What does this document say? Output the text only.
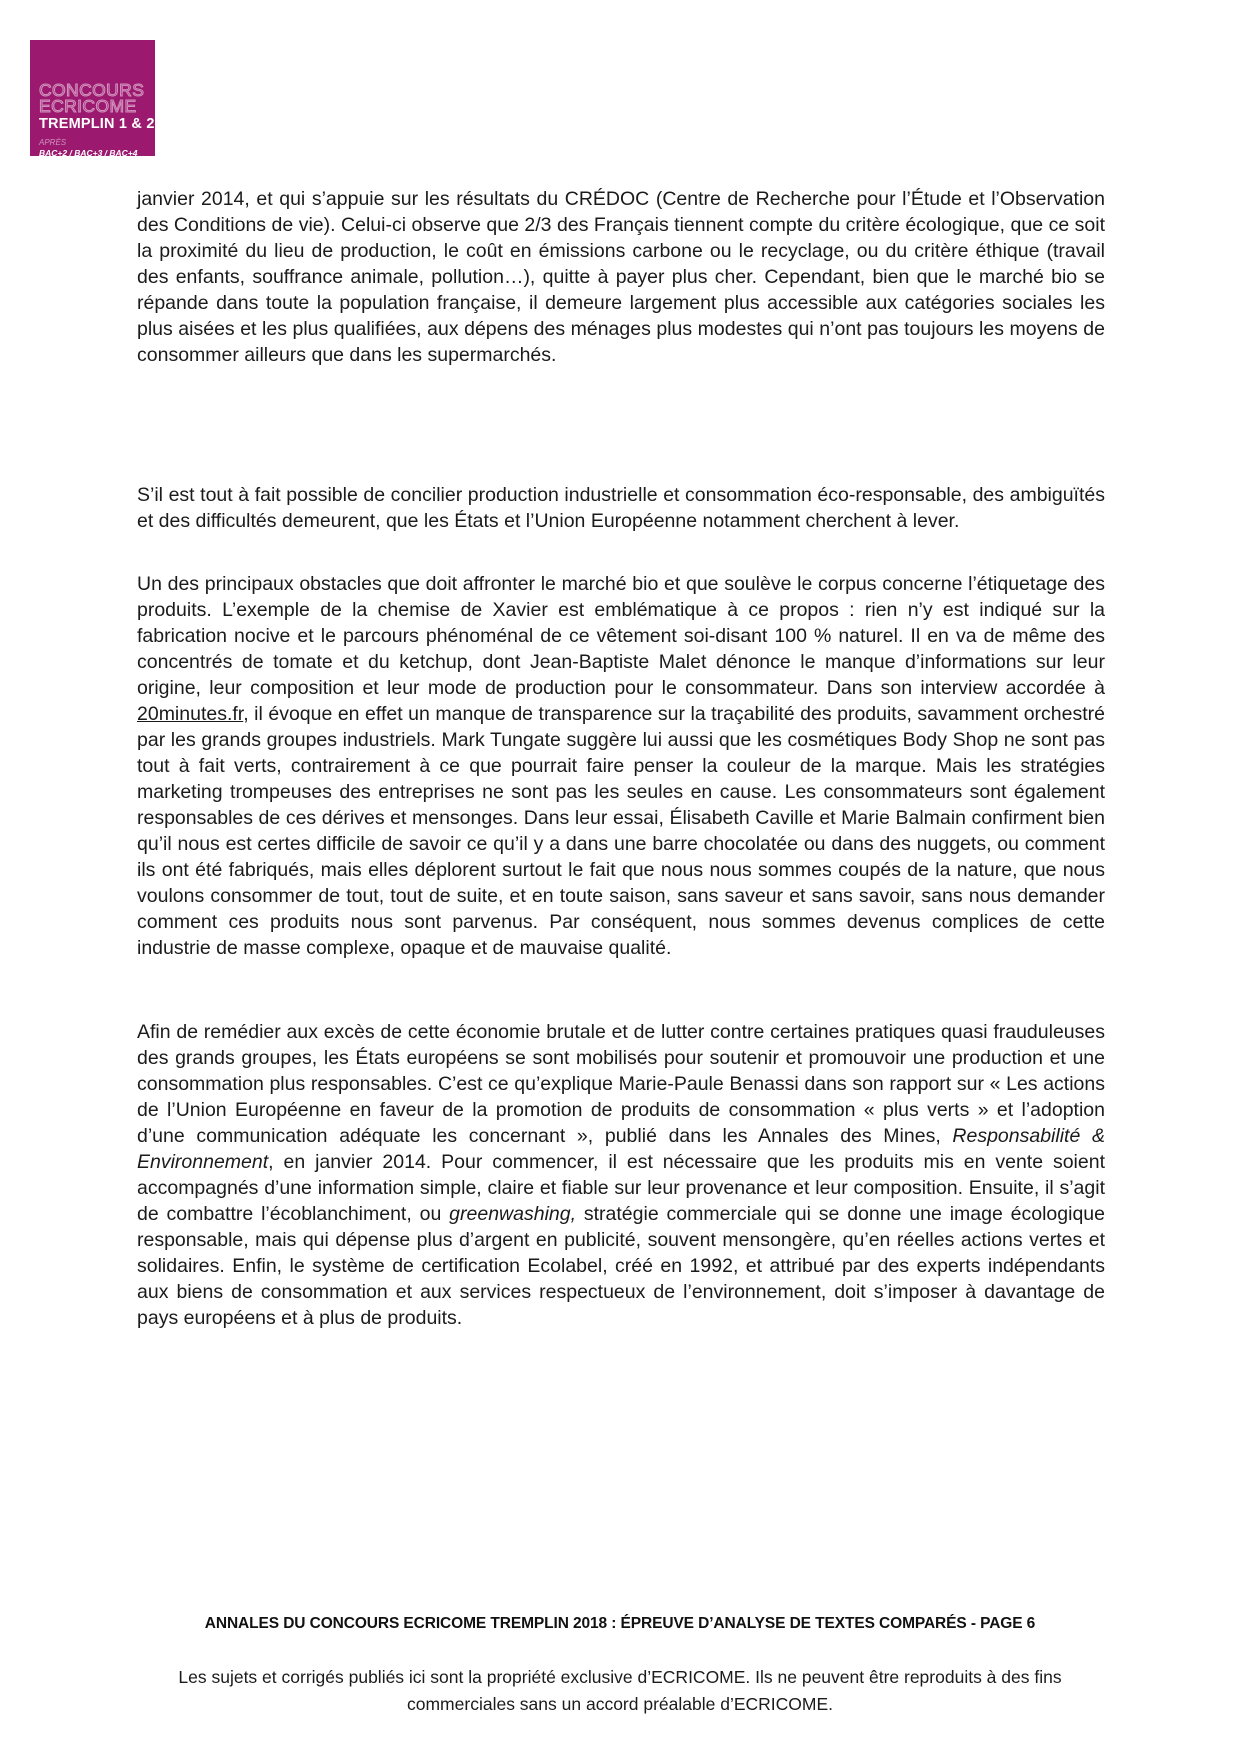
CONCOURS
ECRICOME
TREMPLIN 1 & 2
APRÈS
BAC+2 / BAC+3 / BAC+4

janvier 2014, et qui s’appuie sur les résultats du CRÉDOC (Centre de Recherche pour l’Étude et l’Observation des Conditions de vie). Celui-ci observe que 2/3 des Français tiennent compte du critère écologique, que ce soit la proximité du lieu de production, le coût en émissions carbone ou le recyclage, ou du critère éthique (travail des enfants, souffrance animale, pollution…), quitte à payer plus cher. Cependant, bien que le marché bio se répande dans toute la population française, il demeure largement plus accessible aux catégories sociales les plus aisées et les plus qualifiées, aux dépens des ménages plus modestes qui n’ont pas toujours les moyens de consommer ailleurs que dans les supermarchés.

S’il est tout à fait possible de concilier production industrielle et consommation éco-responsable, des ambiguïtés et des difficultés demeurent, que les États et l’Union Européenne notamment cherchent à lever.

Un des principaux obstacles que doit affronter le marché bio et que soulève le corpus concerne l’étiquetage des produits. L’exemple de la chemise de Xavier est emblématique à ce propos : rien n’y est indiqué sur la fabrication nocive et le parcours phénoménal de ce vêtement soi-disant 100 % naturel. Il en va de même des concentrés de tomate et du ketchup, dont Jean-Baptiste Malet dénonce le manque d’informations sur leur origine, leur composition et leur mode de production pour le consommateur. Dans son interview accordée à 20minutes.fr, il évoque en effet un manque de transparence sur la traçabilité des produits, savamment orchestré par les grands groupes industriels. Mark Tungate suggère lui aussi que les cosmétiques Body Shop ne sont pas tout à fait verts, contrairement à ce que pourrait faire penser la couleur de la marque. Mais les stratégies marketing trompeuses des entreprises ne sont pas les seules en cause. Les consommateurs sont également responsables de ces dérives et mensonges. Dans leur essai, Élisabeth Caville et Marie Balmain confirment bien qu’il nous est certes difficile de savoir ce qu’il y a dans une barre chocolatée ou dans des nuggets, ou comment ils ont été fabriqués, mais elles déplorent surtout le fait que nous nous sommes coupés de la nature, que nous voulons consommer de tout, tout de suite, et en toute saison, sans saveur et sans savoir, sans nous demander comment ces produits nous sont parvenus. Par conséquent, nous sommes devenus complices de cette industrie de masse complexe, opaque et de mauvaise qualité.

Afin de remédier aux excès de cette économie brutale et de lutter contre certaines pratiques quasi frauduleuses des grands groupes, les États européens se sont mobilisés pour soutenir et promouvoir une production et une consommation plus responsables. C’est ce qu’explique Marie-Paule Benassi dans son rapport sur « Les actions de l’Union Européenne en faveur de la promotion de produits de consommation « plus verts » et l’adoption d’une communication adéquate les concernant », publié dans les Annales des Mines, Responsabilité & Environnement, en janvier 2014. Pour commencer, il est nécessaire que les produits mis en vente soient accompagnés d’une information simple, claire et fiable sur leur provenance et leur composition. Ensuite, il s’agit de combattre l’écoblanchiment, ou greenwashing, stratégie commerciale qui se donne une image écologique responsable, mais qui dépense plus d’argent en publicité, souvent mensongère, qu’en réelles actions vertes et solidaires. Enfin, le système de certification Ecolabel, créé en 1992, et attribué par des experts indépendants aux biens de consommation et aux services respectueux de l’environnement, doit s’imposer à davantage de pays européens et à plus de produits.

ANNALES DU CONCOURS ECRICOME TREMPLIN 2018 : ÉPREUVE D’ANALYSE DE TEXTES COMPARÉS - PAGE 6
Les sujets et corrigés publiés ici sont la propriété exclusive d’ECRICOME. Ils ne peuvent être reproduits à des fins commerciales sans un accord préalable d’ECRICOME.
